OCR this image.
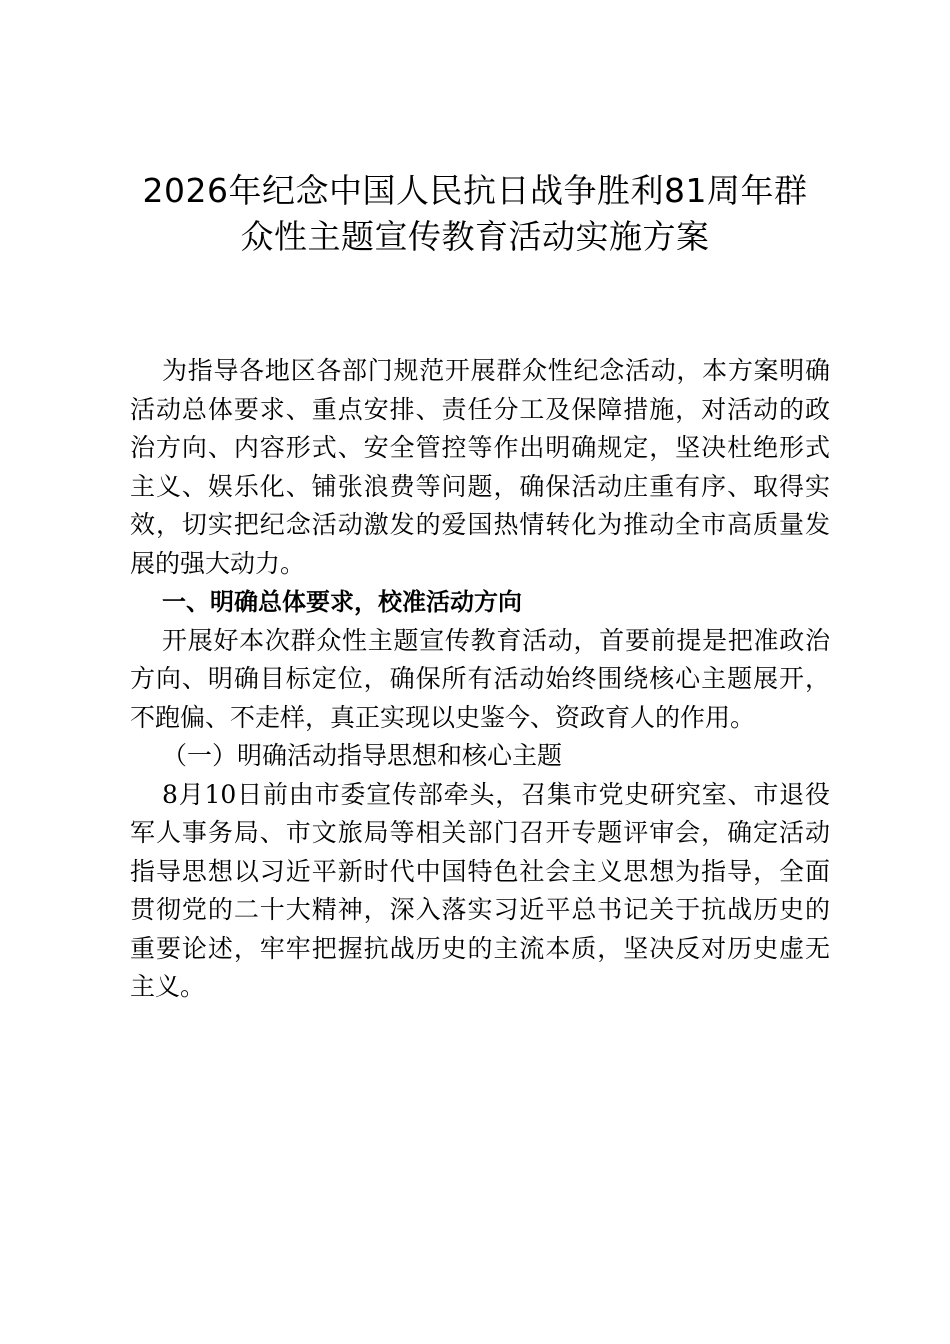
2026年纪念中国人民抗日战争胜利81周年群
众性主题宣传教育活动实施方案
为指导各地区各部门规范开展群众性纪念活动，本方案明确
活动总体要求、重点安排、责任分工及保障措施，对活动的政
治方向、内容形式、安全管控等作出明确规定，坚决杜绝形式
主义、娱乐化、铺张浪费等问题，确保活动庄重有序、取得实
效，切实把纪念活动激发的爱国热情转化为推动全市高质量发
展的强大动力。
一、明确总体要求，校准活动方向
开展好本次群众性主题宣传教育活动，首要前提是把准政治
方向、明确目标定位，确保所有活动始终围绕核心主题展开，
不跑偏、不走样，真正实现以史鉴今、资政育人的作用。
（一）明确活动指导思想和核心主题
8月10日前由市委宣传部牵头，召集市党史研究室、市退役
军人事务局、市文旅局等相关部门召开专题评审会，确定活动
指导思想以习近平新时代中国特色社会主义思想为指导，全面
贯彻党的二十大精神，深入落实习近平总书记关于抗战历史的
重要论述，牢牢把握抗战历史的主流本质，坚决反对历史虚无
主义。
